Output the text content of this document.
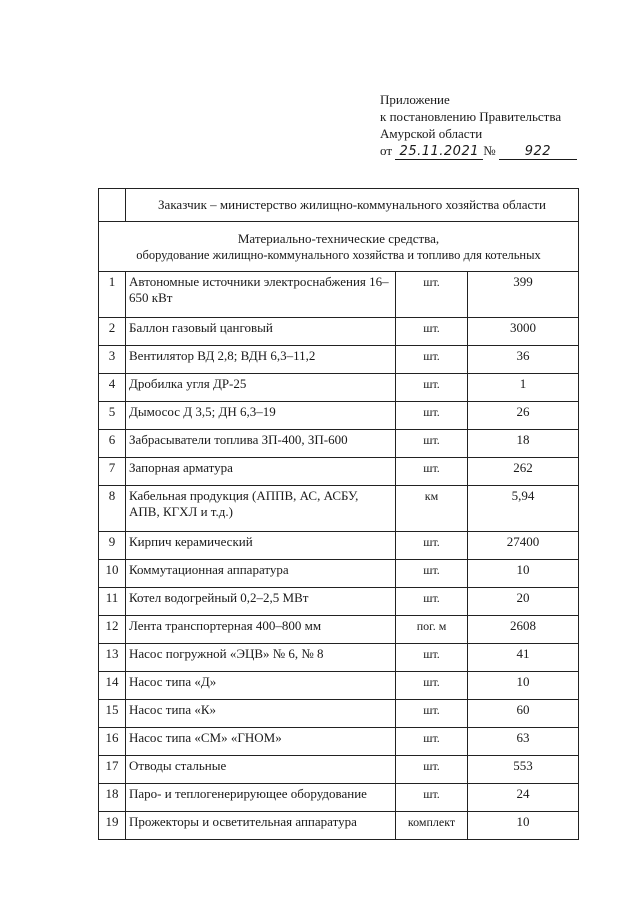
Приложение
к постановлению Правительства
Амурской области
от 25.11.2021 № 922
	Заказчик – министерство жилищно-коммунального хозяйства области		

Материально-технические средства,
оборудование жилищно-коммунального хозяйства и топливо для котельных			

1	Автономные источники электроснабжения 16–650 кВт	шт.	399
2	Баллон газовый цанговый	шт.	3000
3	Вентилятор ВД 2,8; ВДН 6,3–11,2	шт.	36
4	Дробилка угля ДР-25	шт.	1
5	Дымосос Д 3,5; ДН 6,3–19	шт.	26
6	Забрасыватели топлива ЗП-400, ЗП-600	шт.	18
7	Запорная арматура	шт.	262
8	Кабельная продукция (АППВ, АС, АСБУ, АПВ, КГХЛ и т.д.)	км	5,94
9	Кирпич керамический	шт.	27400
10	Коммутационная аппаратура	шт.	10
11	Котел водогрейный 0,2–2,5 МВт	шт.	20
12	Лента транспортерная 400–800 мм	пог. м	2608
13	Насос погружной «ЭЦВ» № 6, № 8	шт.	41
14	Насос типа «Д»	шт.	10
15	Насос типа «К»	шт.	60
16	Насос типа «СМ» «ГНОМ»	шт.	63
17	Отводы стальные	шт.	553
18	Паро- и теплогенерирующее оборудование	шт.	24
19	Прожекторы и осветительная аппаратура	комплект	10
